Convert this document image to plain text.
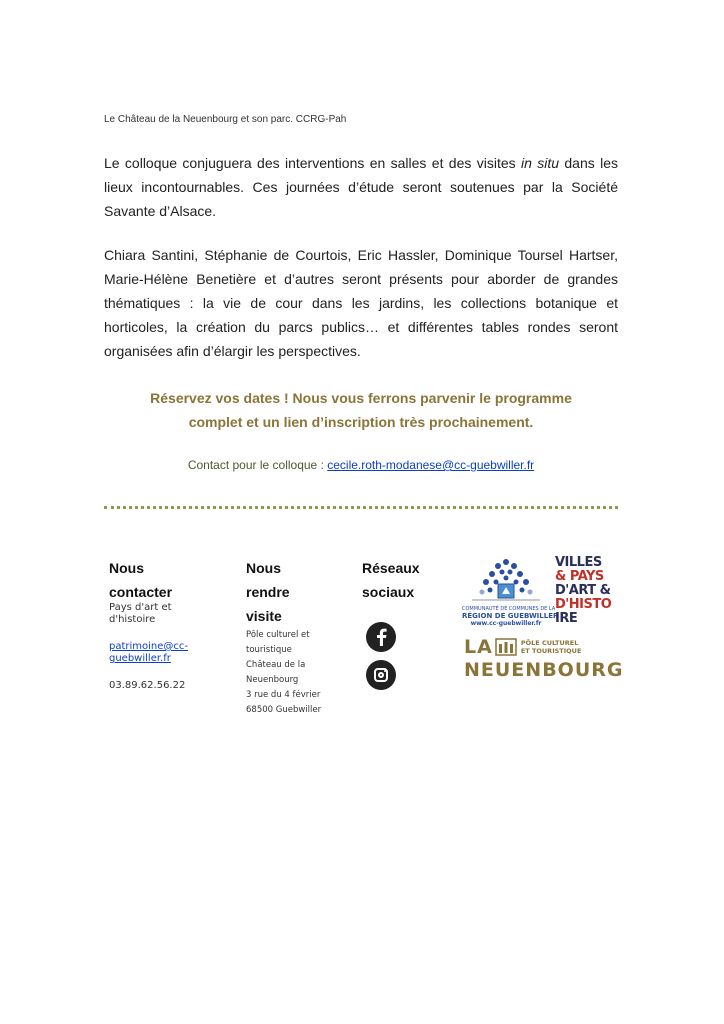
Le Château de la Neuenbourg et son parc. CCRG-Pah
Le colloque conjuguera des interventions en salles et des visites in situ dans les lieux incontournables. Ces journées d’étude seront soutenues par la Société Savante d’Alsace.
Chiara Santini, Stéphanie de Courtois, Eric Hassler, Dominique Toursel Hartser, Marie-Hélène Benetière et d’autres seront présents pour aborder de grandes thématiques : la vie de cour dans les jardins, les collections botanique et horticoles, la création du parcs publics… et différentes tables rondes seront organisées afin d’élargir les perspectives.
Réservez vos dates ! Nous vous ferrons parvenir le programme
complet et un lien d’inscription très prochainement.
Contact pour le colloque : cecile.roth-modanese@cc-guebwiller.fr
Nous
contacter
Pays d'art et
d'histoire
patrimoine@cc-
guebwiller.fr
03.89.62.56.22
Nous
rendre
visite
Pôle culturel et
touristique
Château de la
Neuenbourg
3 rue du 4 février
68500 Guebwiller
Réseaux
sociaux
COMMUNAUTÉ DE COMMUNES DE LA
RÉGION DE GUEBWILLER
www.cc-guebwiller.fr
VILLES
& PAYS
D'ART &
D'HISTO
IRE
LA	PÔLE CULTUREL
ET TOURISTIQUE
NEUENBOURG
